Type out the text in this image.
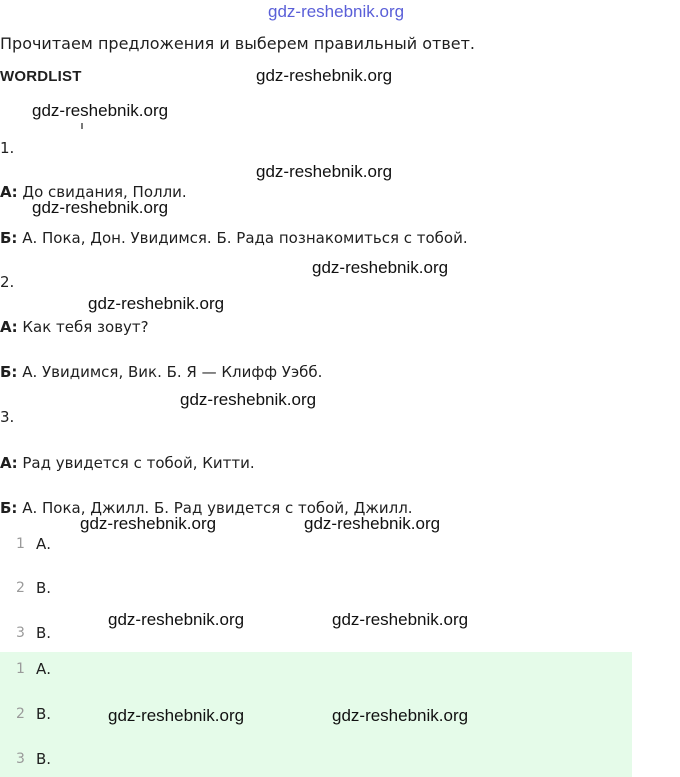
gdz-reshebnik.org
Прочитаем предложения и выберем правильный ответ.
WORDLIST
1.
А: До свидания, Полли.
Б: А. Пока, Дон. Увидимся. Б. Рада познакомиться с тобой.
2.
А: Как тебя зовут?
Б: А. Увидимся, Вик. Б. Я — Клифф Уэбб.
3.
А: Рад увидется с тобой, Китти.
Б: А. Пока, Джилл. Б. Рад увидется с тобой, Джилл.
1 А.
2 В.
3 В.
1 А.
2 В.
3 В.
gdz-reshebnik.org
gdz-reshebnik.org
gdz-reshebnik.org
gdz-reshebnik.org
gdz-reshebnik.org
gdz-reshebnik.org
gdz-reshebnik.org
gdz-reshebnik.org	gdz-reshebnik.org
gdz-reshebnik.org	gdz-reshebnik.org
gdz-reshebnik.org	gdz-reshebnik.org
